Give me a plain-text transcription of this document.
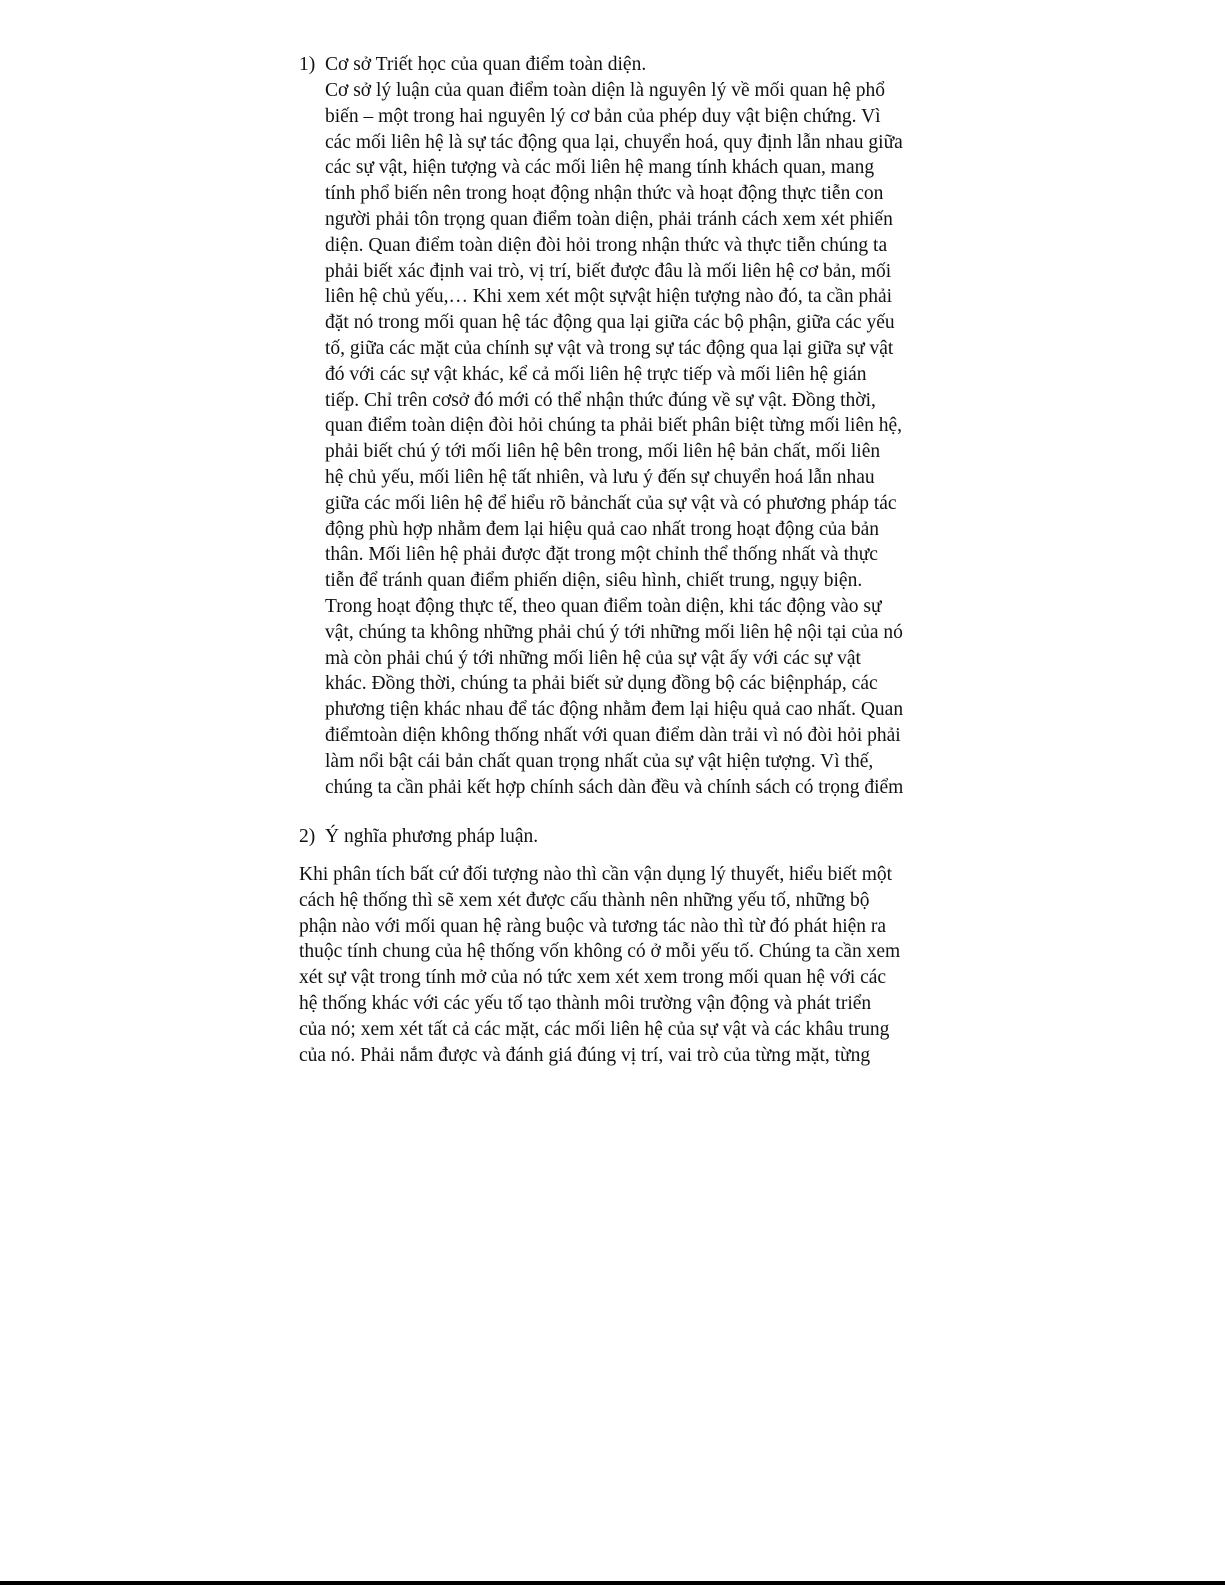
1) Cơ sở Triết học của quan điểm toàn diện.
Cơ sở lý luận của quan điểm toàn diện là nguyên lý về mối quan hệ phổ
biến – một trong hai nguyên lý cơ bản của phép duy vật biện chứng. Vì
các mối liên hệ là sự tác động qua lại, chuyển hoá, quy định lẫn nhau giữa
các sự vật, hiện tượng và các mối liên hệ mang tính khách quan, mang
tính phổ biến nên trong hoạt động nhận thức và hoạt động thực tiễn con
người phải tôn trọng quan điểm toàn diện, phải tránh cách xem xét phiến
diện. Quan điểm toàn diện đòi hỏi trong nhận thức và thực tiễn chúng ta
phải biết xác định vai trò, vị trí, biết được đâu là mối liên hệ cơ bản, mối
liên hệ chủ yếu,… Khi xem xét một sựvật hiện tượng nào đó, ta cần phải
đặt nó trong mối quan hệ tác động qua lại giữa các bộ phận, giữa các yếu
tố, giữa các mặt của chính sự vật và trong sự tác động qua lại giữa sự vật
đó với các sự vật khác, kể cả mối liên hệ trực tiếp và mối liên hệ gián
tiếp. Chỉ trên cơsở đó mới có thể nhận thức đúng về sự vật. Đồng thời,
quan điểm toàn diện đòi hỏi chúng ta phải biết phân biệt từng mối liên hệ,
phải biết chú ý tới mối liên hệ bên trong, mối liên hệ bản chất, mối liên
hệ chủ yếu, mối liên hệ tất nhiên, và lưu ý đến sự chuyển hoá lẫn nhau
giữa các mối liên hệ để hiểu rõ bảnchất của sự vật và có phương pháp tác
động phù hợp nhằm đem lại hiệu quả cao nhất trong hoạt động của bản
thân. Mối liên hệ phải được đặt trong một chỉnh thể thống nhất và thực
tiễn để tránh quan điểm phiến diện, siêu hình, chiết trung, ngụy biện.
Trong hoạt động thực tế, theo quan điểm toàn diện, khi tác động vào sự
vật, chúng ta không những phải chú ý tới những mối liên hệ nội tại của nó
mà còn phải chú ý tới những mối liên hệ của sự vật ấy với các sự vật
khác. Đồng thời, chúng ta phải biết sử dụng đồng bộ các biệnpháp, các
phương tiện khác nhau để tác động nhằm đem lại hiệu quả cao nhất. Quan
điểmtoàn diện không thống nhất với quan điểm dàn trải vì nó đòi hỏi phải
làm nổi bật cái bản chất quan trọng nhất của sự vật hiện tượng. Vì thế,
chúng ta cần phải kết hợp chính sách dàn đều và chính sách có trọng điểm
2) Ý nghĩa phương pháp luận.
Khi phân tích bất cứ đối tượng nào thì cần vận dụng lý thuyết, hiểu biết một
cách hệ thống thì sẽ xem xét được cấu thành nên những yếu tố, những bộ
phận nào với mối quan hệ ràng buộc và tương tác nào thì từ đó phát hiện ra
thuộc tính chung của hệ thống vốn không có ở mỗi yếu tố. Chúng ta cần xem
xét sự vật trong tính mở của nó tức xem xét xem trong mối quan hệ với các
hệ thống khác với các yếu tố tạo thành môi trường vận động và phát triển
của nó; xem xét tất cả các mặt, các mối liên hệ của sự vật và các khâu trung
của nó. Phải nắm được và đánh giá đúng vị trí, vai trò của từng mặt, từng
